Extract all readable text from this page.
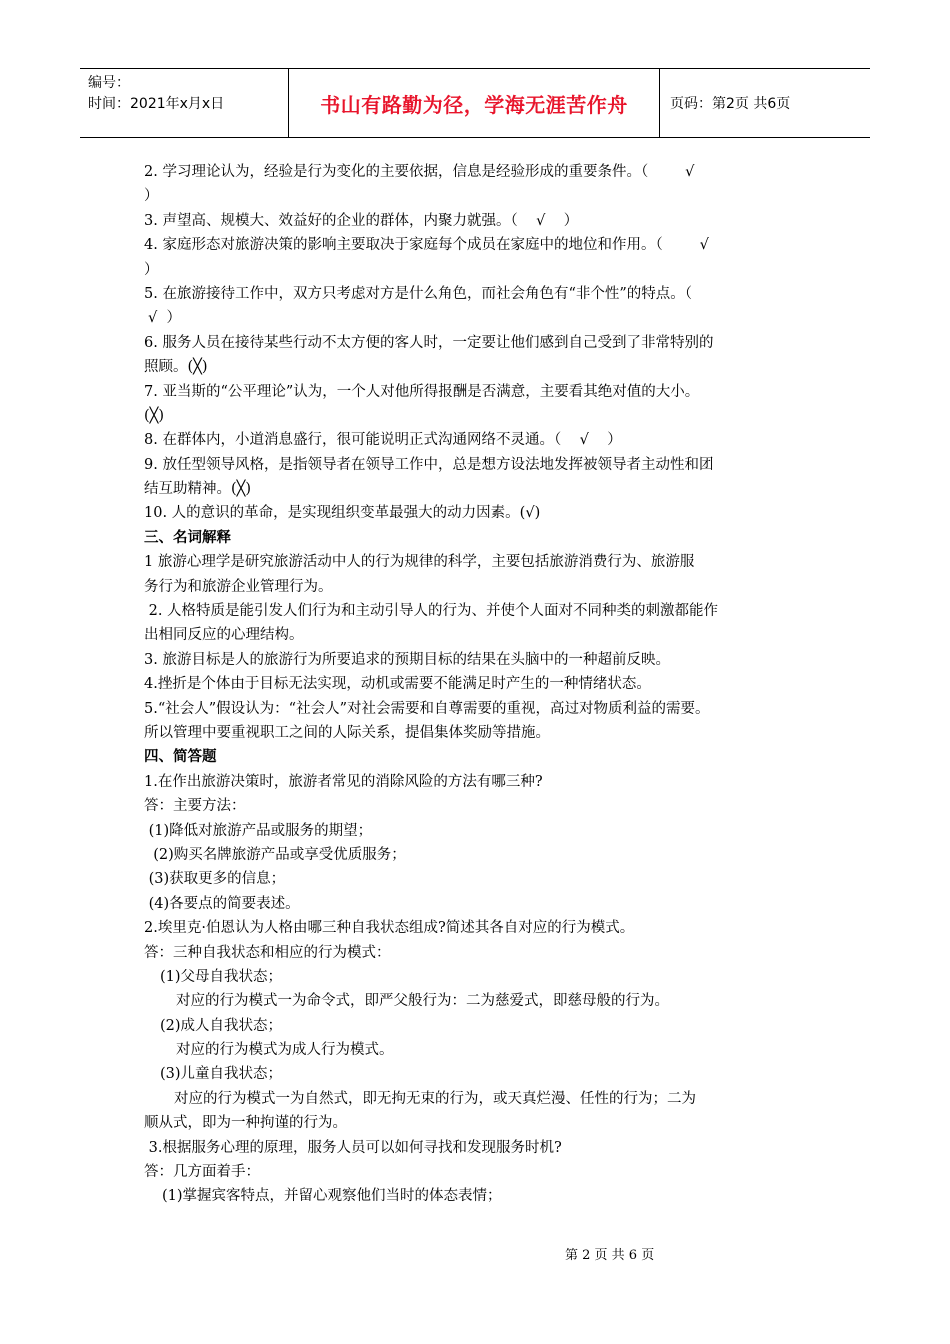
编号：
时间：2021年x月x日	书山有路勤为径，学海无涯苦作舟	页码：第2页 共6页
2. 学习理论认为，经验是行为变化的主要依据，信息是经验形成的重要条件。（        √
）
3. 声望高、规模大、效益好的企业的群体，内聚力就强。（    √    ）
4. 家庭形态对旅游决策的影响主要取决于家庭每个成员在家庭中的地位和作用。（        √
）
5. 在旅游接待工作中，双方只考虑对方是什么角色，而社会角色有“非个性”的特点。（
√  ）
6. 服务人员在接待某些行动不太方便的客人时，一定要让他们感到自己受到了非常特别的
照顾。(╳)
7. 亚当斯的“公平理论”认为，一个人对他所得报酬是否满意，主要看其绝对值的大小。
(╳)
8. 在群体内，小道消息盛行，很可能说明正式沟通网络不灵通。（    √    ）
9. 放任型领导风格，是指领导者在领导工作中，总是想方设法地发挥被领导者主动性和团
结互助精神。(╳)
10. 人的意识的革命，是实现组织变革最强大的动力因素。(√)
三、名词解释
1 旅游心理学是研究旅游活动中人的行为规律的科学，主要包括旅游消费行为、旅游服
务行为和旅游企业管理行为。
2. 人格特质是能引发人们行为和主动引导人的行为、并使个人面对不同种类的刺激都能作
出相同反应的心理结构。
3. 旅游目标是人的旅游行为所要追求的预期目标的结果在头脑中的一种超前反映。
4.挫折是个体由于目标无法实现，动机或需要不能满足时产生的一种情绪状态。
5.“社会人”假设认为：“社会人”对社会需要和自尊需要的重视，高过对物质利益的需要。
所以管理中要重视职工之间的人际关系，提倡集体奖励等措施。
四、简答题
1.在作出旅游决策时，旅游者常见的消除风险的方法有哪三种?
答：主要方法：
(1)降低对旅游产品或服务的期望；
(2)购买名牌旅游产品或享受优质服务；
(3)获取更多的信息；
(4)各要点的简要表述。
2.埃里克·伯恩认为人格由哪三种自我状态组成?简述其各自对应的行为模式。
答：三种自我状态和相应的行为模式：
(1)父母自我状态；
对应的行为模式一为命令式，即严父般行为：二为慈爱式，即慈母般的行为。
(2)成人自我状态；
对应的行为模式为成人行为模式。
(3)儿童自我状态；
对应的行为模式一为自然式，即无拘无束的行为，或天真烂漫、任性的行为；二为
顺从式，即为一种拘谨的行为。
3.根据服务心理的原理，服务人员可以如何寻找和发现服务时机?
答：几方面着手：
(1)掌握宾客特点，并留心观察他们当时的体态表情；
第 2 页 共 6 页
